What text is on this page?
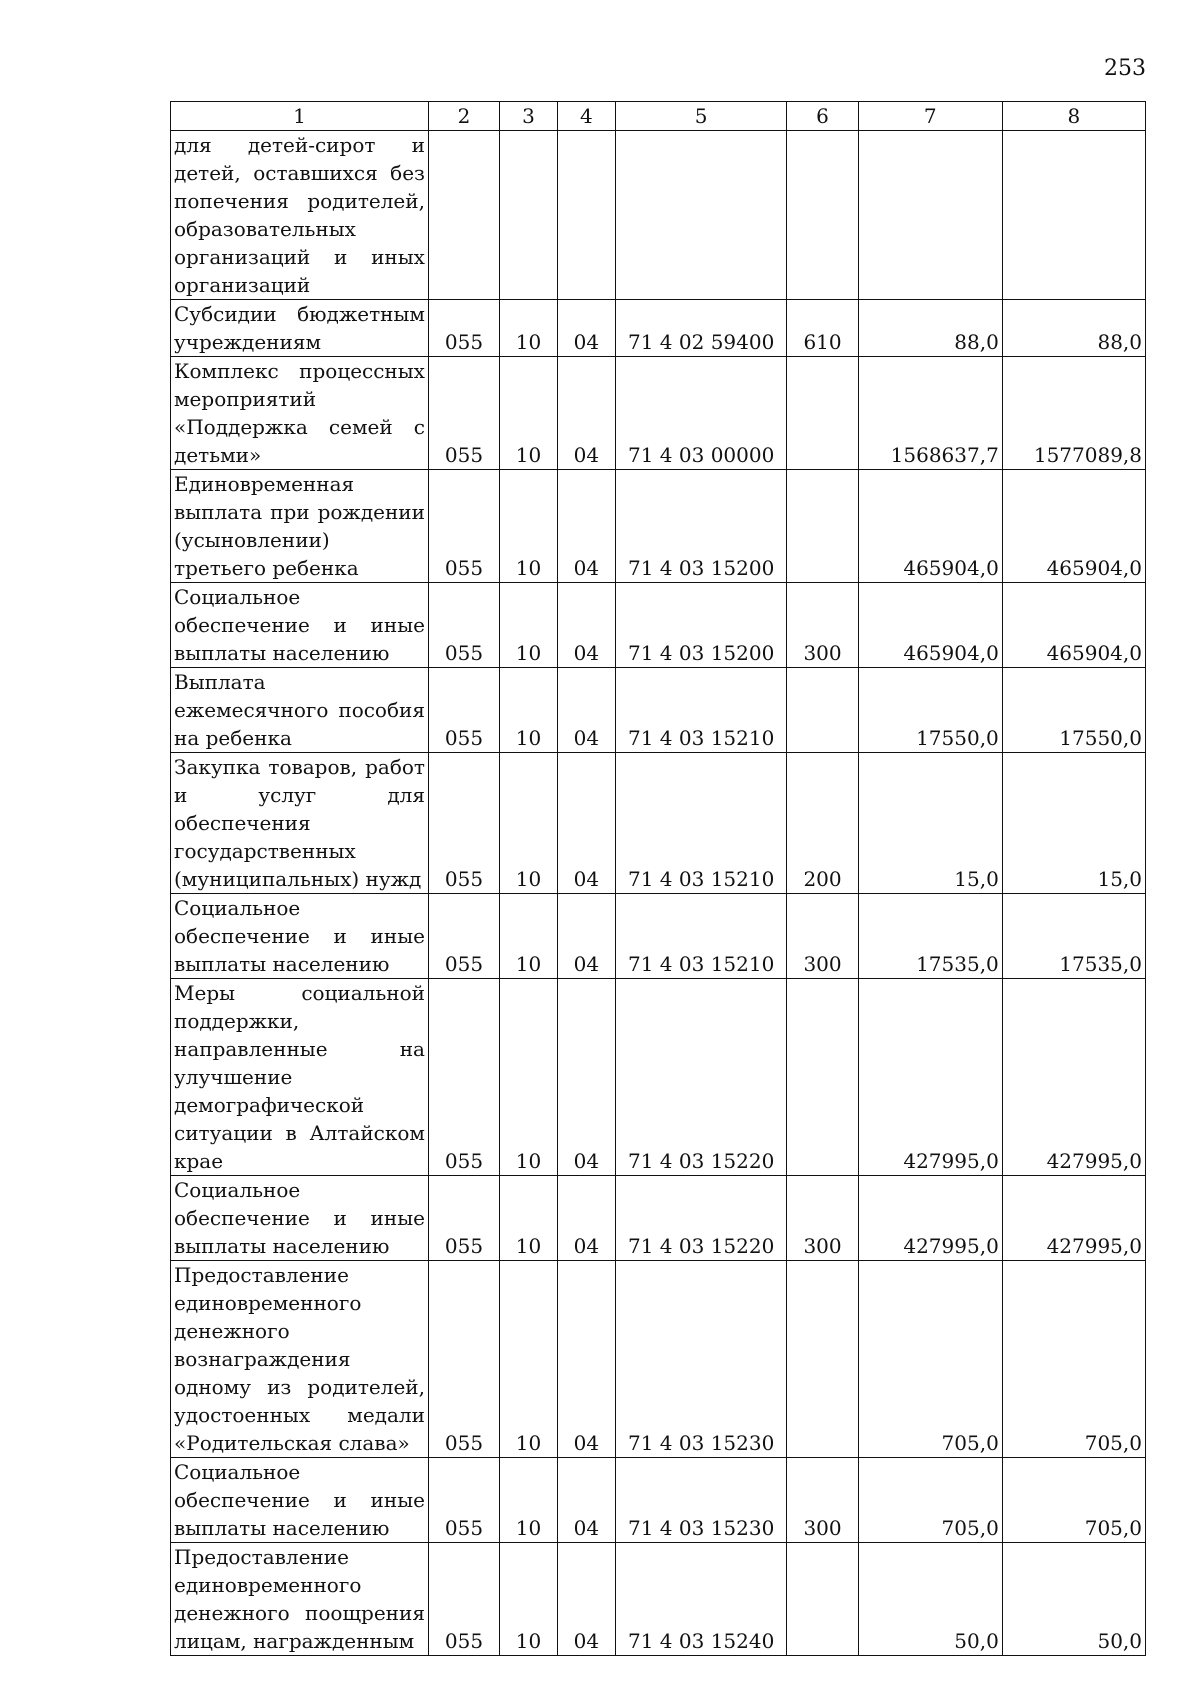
253
1	2	3	4	5	6	7	8
для детей-сирот и детей, оставшихся без попечения родителей, образовательных организаций и иных организаций							
Субсидии бюджетным учреждениям	055	10	04	71 4 02 59400	610	88,0	88,0
Комплекс процессных мероприятий «Поддержка семей с детьми»	055	10	04	71 4 03 00000		1568637,7	1577089,8
Единовременная выплата при рождении (усыновлении) третьего ребенка	055	10	04	71 4 03 15200		465904,0	465904,0
Социальное обеспечение и иные выплаты населению	055	10	04	71 4 03 15200	300	465904,0	465904,0
Выплата ежемесячного пособия на ребенка	055	10	04	71 4 03 15210		17550,0	17550,0
Закупка товаров, работ и услуг для обеспечения государственных (муниципальных) нужд	055	10	04	71 4 03 15210	200	15,0	15,0
Социальное обеспечение и иные выплаты населению	055	10	04	71 4 03 15210	300	17535,0	17535,0
Меры социальной поддержки, направленные на улучшение демографической ситуации в Алтайском крае	055	10	04	71 4 03 15220		427995,0	427995,0
Социальное обеспечение и иные выплаты населению	055	10	04	71 4 03 15220	300	427995,0	427995,0
Предоставление единовременного денежного вознаграждения одному из родителей, удостоенных медали «Родительская слава»	055	10	04	71 4 03 15230		705,0	705,0
Социальное обеспечение и иные выплаты населению	055	10	04	71 4 03 15230	300	705,0	705,0
Предоставление единовременного денежного поощрения лицам, награжденным	055	10	04	71 4 03 15240		50,0	50,0
